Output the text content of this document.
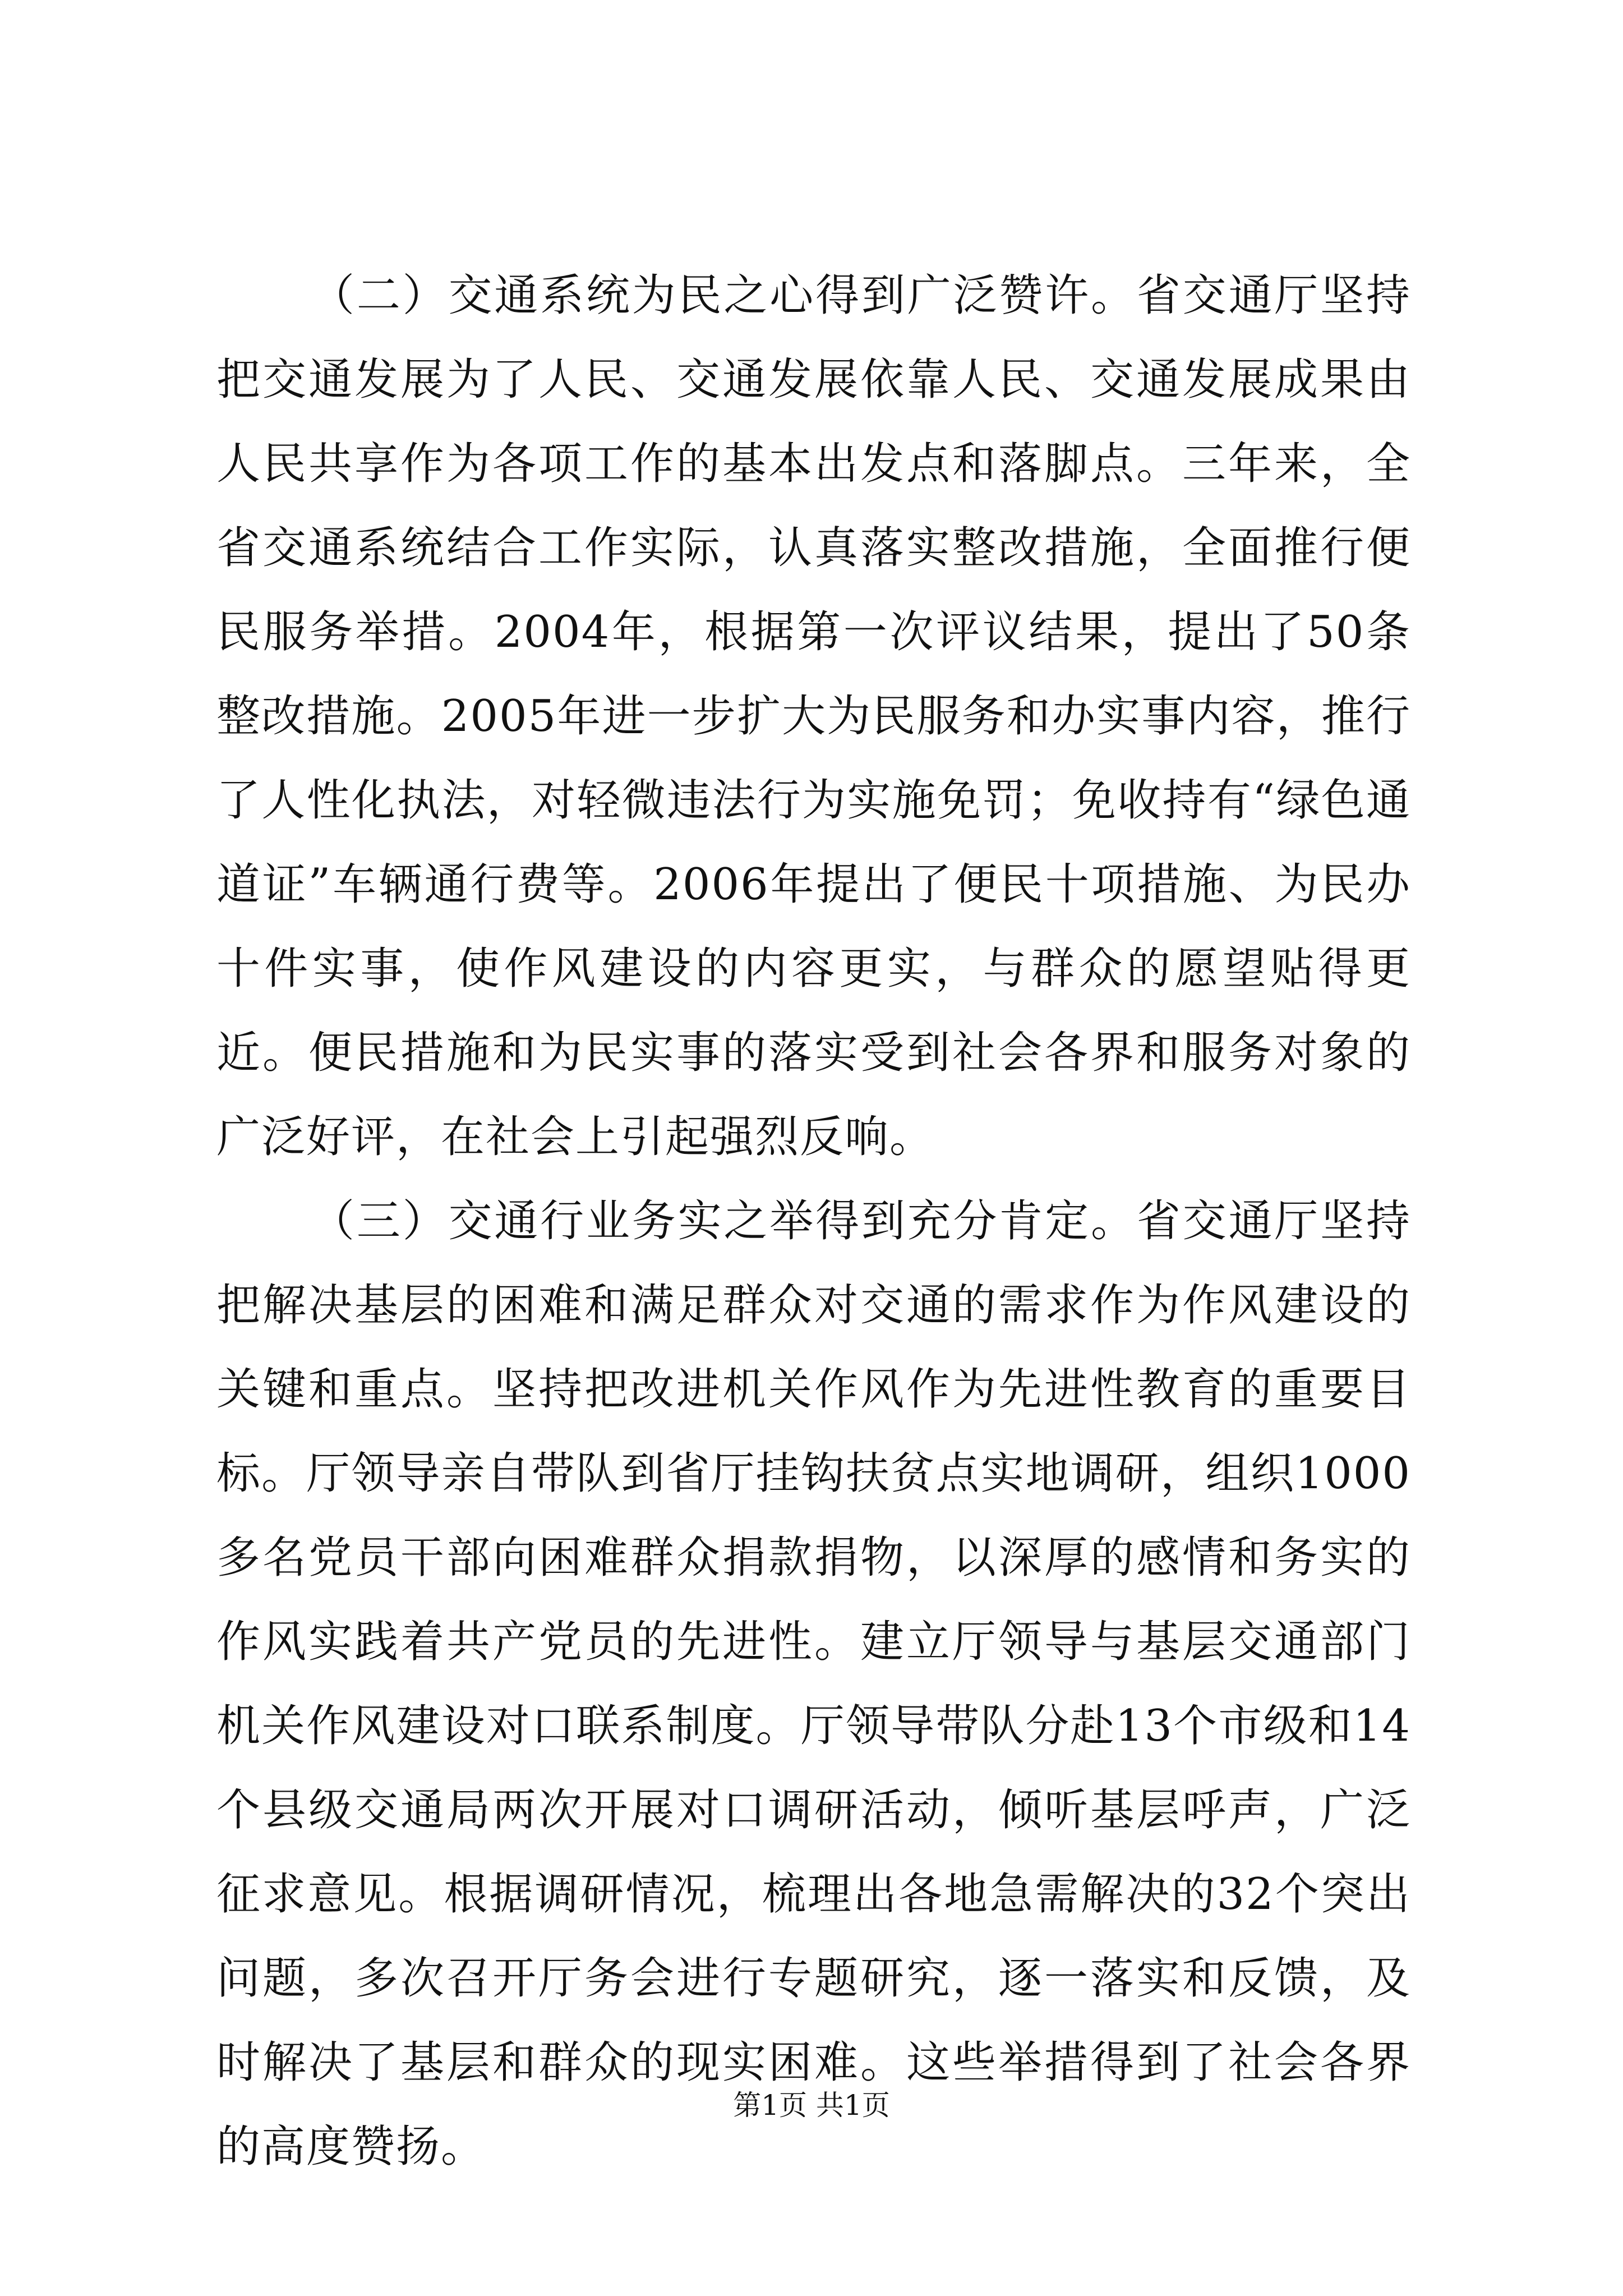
（二）交通系统为民之心得到广泛赞许。省交通厅坚持把交通发展为了人民、交通发展依靠人民、交通发展成果由人民共享作为各项工作的基本出发点和落脚点。三年来，全省交通系统结合工作实际，认真落实整改措施，全面推行便民服务举措。2004年，根据第一次评议结果，提出了50条整改措施。2005年进一步扩大为民服务和办实事内容，推行了人性化执法，对轻微违法行为实施免罚；免收持有“绿色通道证”车辆通行费等。2006年提出了便民十项措施、为民办十件实事，使作风建设的内容更实，与群众的愿望贴得更近。便民措施和为民实事的落实受到社会各界和服务对象的广泛好评，在社会上引起强烈反响。

（三）交通行业务实之举得到充分肯定。省交通厅坚持把解决基层的困难和满足群众对交通的需求作为作风建设的关键和重点。坚持把改进机关作风作为先进性教育的重要目标。厅领导亲自带队到省厅挂钩扶贫点实地调研，组织1000多名党员干部向困难群众捐款捐物，以深厚的感情和务实的作风实践着共产党员的先进性。建立厅领导与基层交通部门机关作风建设对口联系制度。厅领导带队分赴13个市级和14个县级交通局两次开展对口调研活动，倾听基层呼声，广泛征求意见。根据调研情况，梳理出各地急需解决的32个突出问题，多次召开厅务会进行专题研究，逐一落实和反馈，及时解决了基层和群众的现实困难。这些举措得到了社会各界的高度赞扬。

第1页 共1页
